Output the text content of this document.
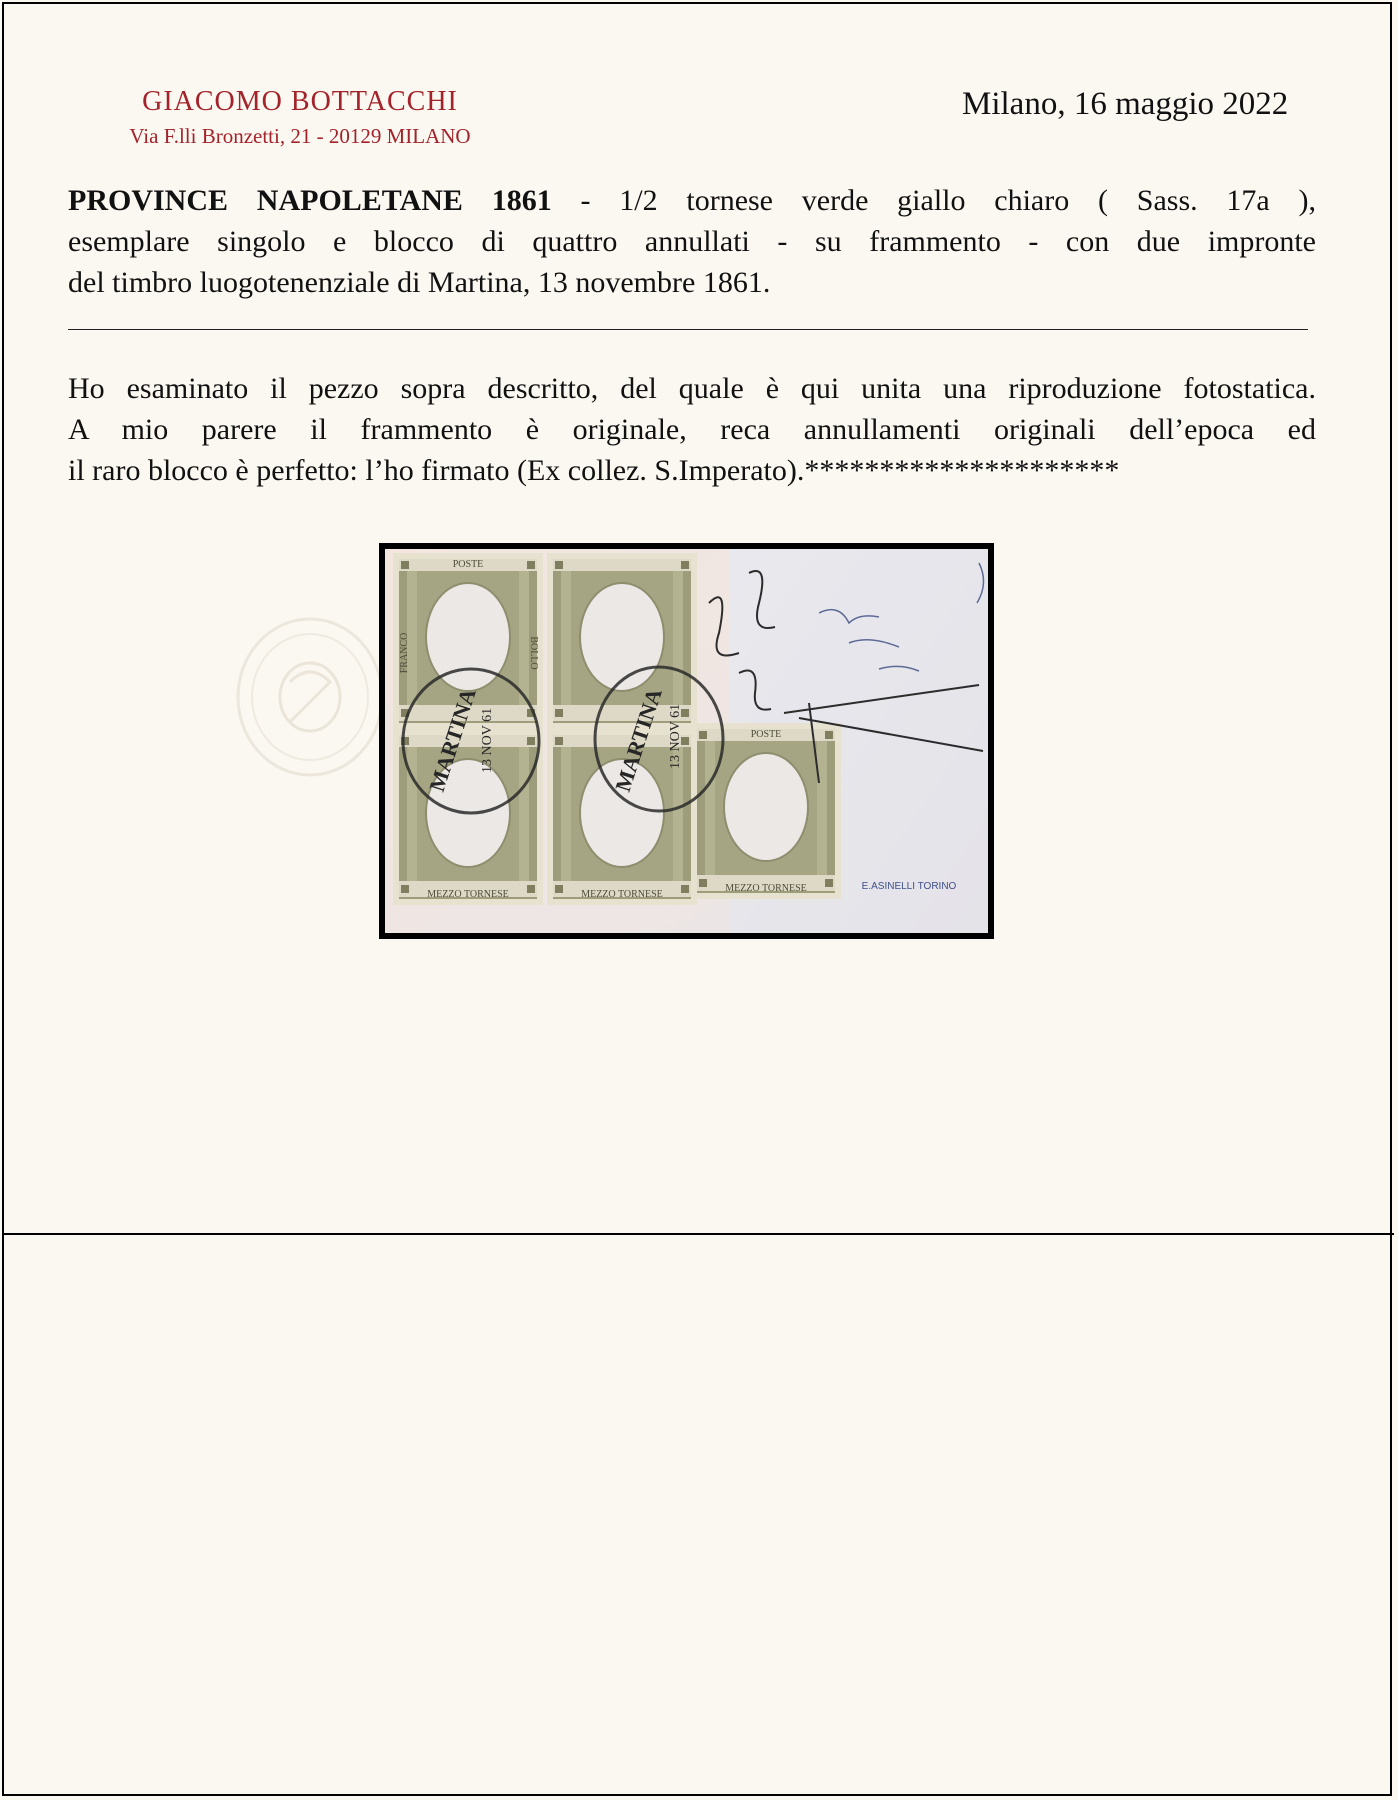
GIACOMO BOTTACCHI
Via F.lli Bronzetti, 21 - 20129 MILANO
Milano, 16 maggio 2022
PROVINCE NAPOLETANE 1861 - 1/2 tornese verde giallo chiaro ( Sass. 17a ),
esemplare singolo e blocco di quattro annullati - su frammento - con due impronte
del timbro luogotenenziale di Martina, 13 novembre 1861.
Ho esaminato il pezzo sopra descritto, del quale è qui unita una riproduzione fotostatica.
A mio parere il frammento è originale, reca annullamenti originali dell’epoca ed
il raro blocco è perfetto: l’ho firmato (Ex collez. S.Imperato).*********************
POSTE
MEZZO TORNESE	MEZZO TORNESE
MEZZO TORNESE
POSTE
FRANCO	BOLLO
MARTINA	MARTINA
13 NOV 61	13 NOV 61
E.ASINELLI TORINO
